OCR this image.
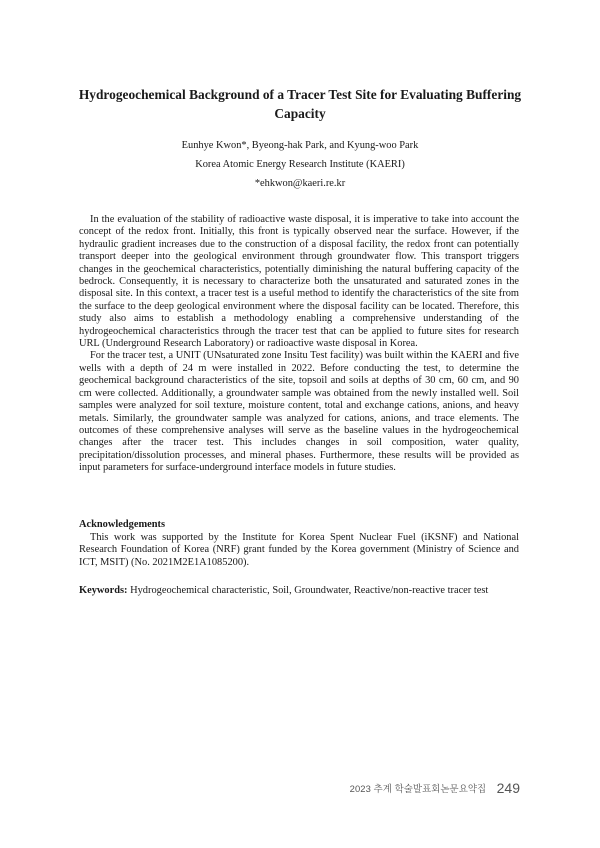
Hydrogeochemical Background of a Tracer Test Site for Evaluating Buffering Capacity
Eunhye Kwon*, Byeong-hak Park, and Kyung-woo Park
Korea Atomic Energy Research Institute (KAERI)
*ehkwon@kaeri.re.kr

In the evaluation of the stability of radioactive waste disposal, it is imperative to take into account the concept of the redox front. Initially, this front is typically observed near the surface. However, if the hydraulic gradient increases due to the construction of a disposal facility, the redox front can potentially transport deeper into the geological environment through groundwater flow. This transport triggers changes in the geochemical characteristics, potentially diminishing the natural buffering capacity of the bedrock. Consequently, it is necessary to characterize both the unsaturated and saturated zones in the disposal site. In this context, a tracer test is a useful method to identify the characteristics of the site from the surface to the deep geological environment where the disposal facility can be located. Therefore, this study also aims to establish a methodology enabling a comprehensive understanding of the hydrogeochemical characteristics through the tracer test that can be applied to future sites for research URL (Underground Research Laboratory) or radioactive waste disposal in Korea.

For the tracer test, a UNIT (UNsaturated zone Insitu Test facility) was built within the KAERI and five wells with a depth of 24 m were installed in 2022. Before conducting the test, to determine the geochemical background characteristics of the site, topsoil and soils at depths of 30 cm, 60 cm, and 90 cm were collected. Additionally, a groundwater sample was obtained from the newly installed well. Soil samples were analyzed for soil texture, moisture content, total and exchange cations, anions, and heavy metals. Similarly, the groundwater sample was analyzed for cations, anions, and trace elements. The outcomes of these comprehensive analyses will serve as the baseline values in the hydrogeochemical changes after the tracer test. This includes changes in soil composition, water quality, precipitation/dissolution processes, and mineral phases. Furthermore, these results will be provided as input parameters for surface-underground interface models in future studies.

Acknowledgements
This work was supported by the Institute for Korea Spent Nuclear Fuel (iKSNF) and National Research Foundation of Korea (NRF) grant funded by the Korea government (Ministry of Science and ICT, MSIT) (No. 2021M2E1A1085200).
Keywords: Hydrogeochemical characteristic, Soil, Groundwater, Reactive/non-reactive tracer test
2023 추계 학술발표회논문요약집 249
